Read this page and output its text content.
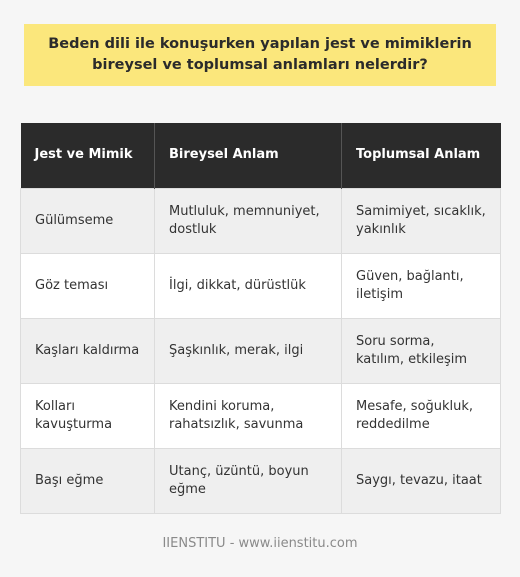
Beden dili ile konuşurken yapılan jest ve mimiklerin bireysel ve toplumsal anlamları nelerdir?
Jest ve Mimik	Bireysel Anlam	Toplumsal Anlam
Gülümseme	Mutluluk, memnuniyet, dostluk	Samimiyet, sıcaklık, yakınlık
Göz teması	İlgi, dikkat, dürüstlük	Güven, bağlantı, iletişim
Kaşları kaldırma	Şaşkınlık, merak, ilgi	Soru sorma, katılım, etkileşim
Kolları kavuşturma	Kendini koruma, rahatsızlık, savunma	Mesafe, soğukluk, reddedilme
Başı eğme	Utanç, üzüntü, boyun eğme	Saygı, tevazu, itaat
IIENSTITU - www.iienstitu.com
